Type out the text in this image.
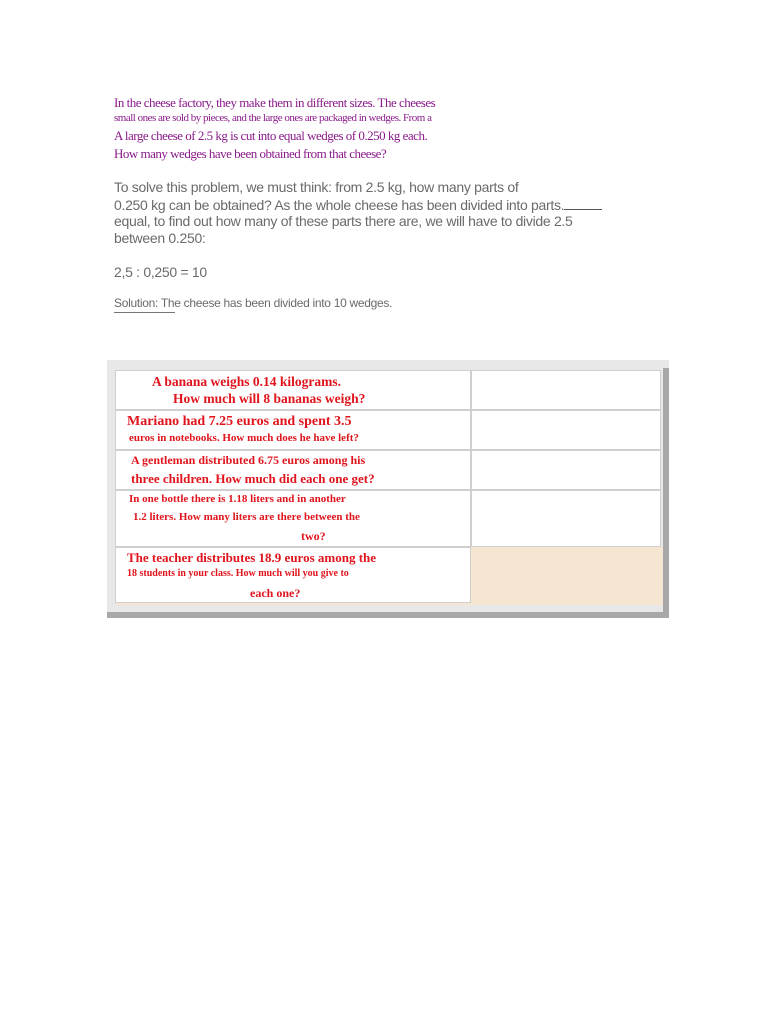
In the cheese factory, they make them in different sizes. The cheeses
small ones are sold by pieces, and the large ones are packaged in wedges. From a
A large cheese of 2.5 kg is cut into equal wedges of 0.250 kg each.
How many wedges have been obtained from that cheese?
To solve this problem, we must think: from 2.5 kg, how many parts of
0.250 kg can be obtained? As the whole cheese has been divided into parts.
equal, to find out how many of these parts there are, we will have to divide 2.5
between 0.250:
2,5 : 0,250 = 10
Solution: The cheese has been divided into 10 wedges.
A banana weighs 0.14 kilograms.
How much will 8 bananas weigh?
Mariano had 7.25 euros and spent 3.5
euros in notebooks. How much does he have left?
A gentleman distributed 6.75 euros among his
three children. How much did each one get?
In one bottle there is 1.18 liters and in another
1.2 liters. How many liters are there between the
two?
The teacher distributes 18.9 euros among the
18 students in your class. How much will you give to
each one?
